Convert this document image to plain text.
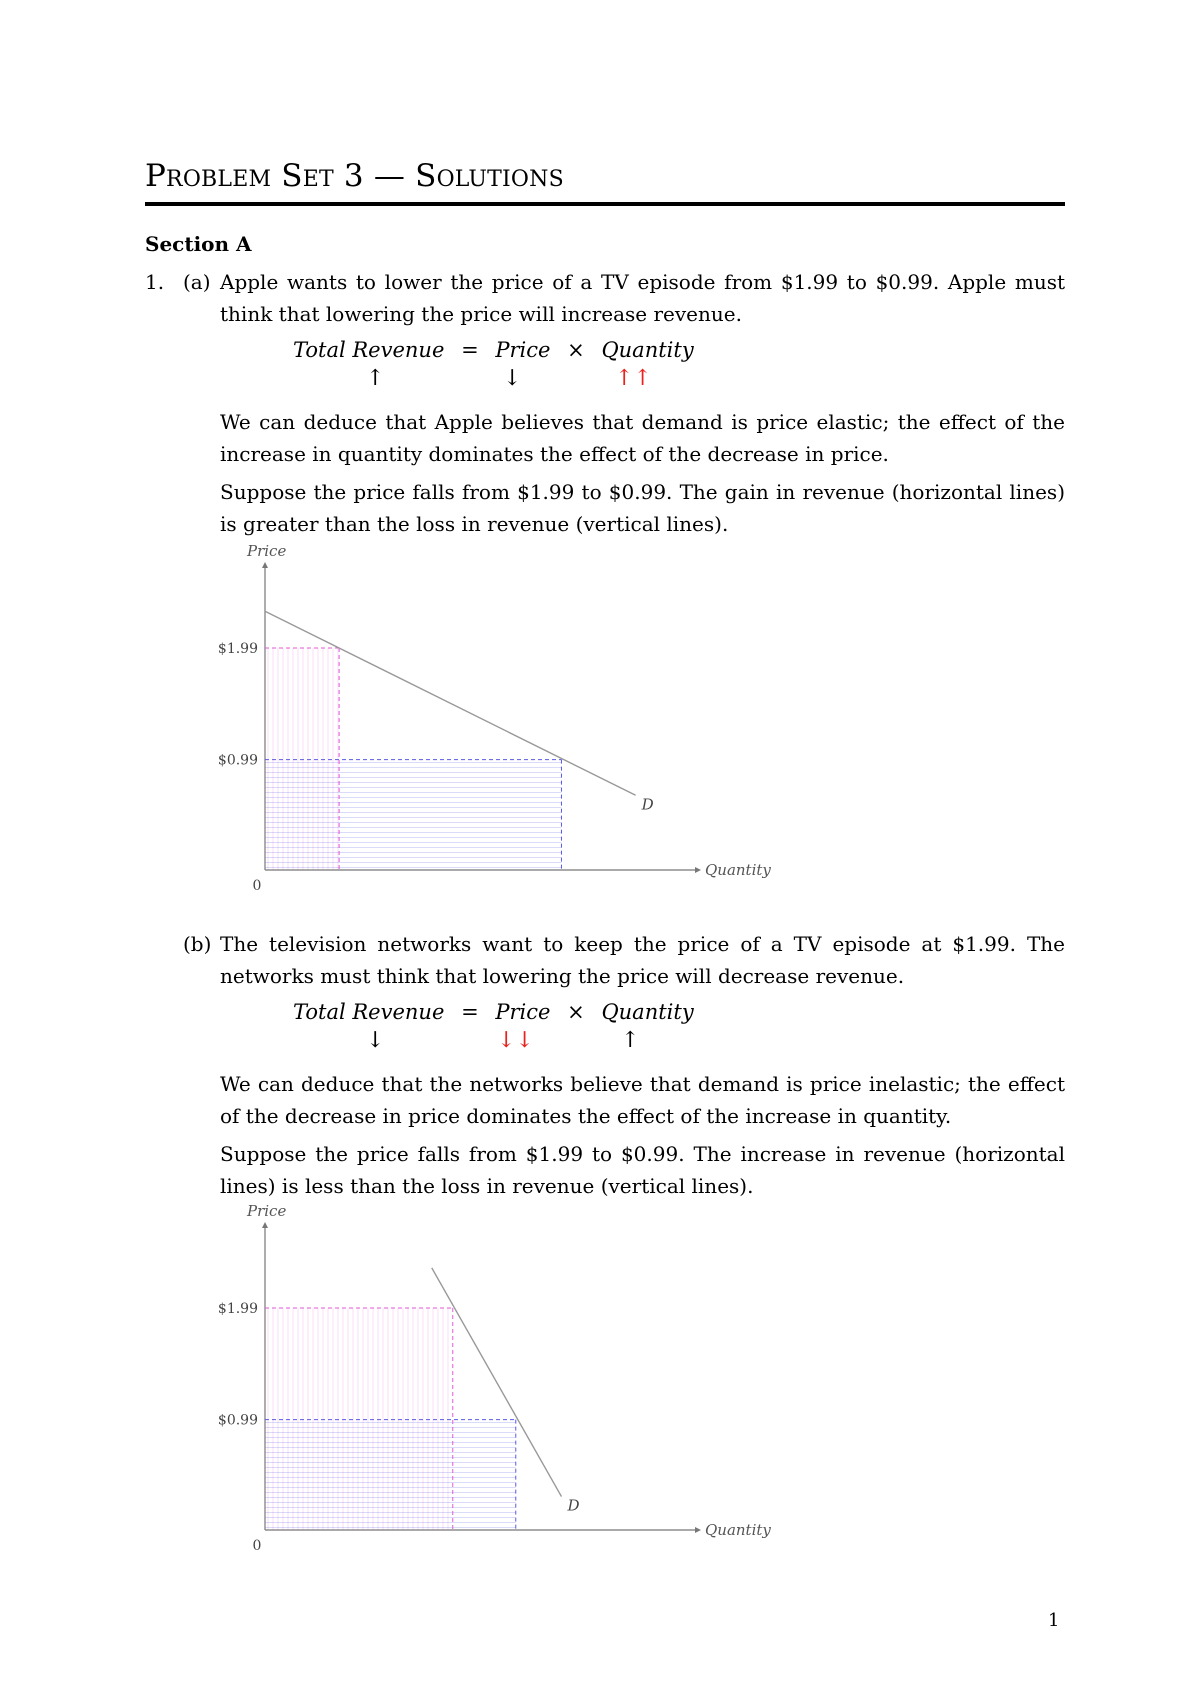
Problem Set 3 — Solutions
Section A
1. (a) Apple wants to lower the price of a TV episode from $1.99 to $0.99. Apple must think that lowering the price will increase revenue.
Total Revenue = Price × Quantity
↑	↓	↑↑
We can deduce that Apple believes that demand is price elastic; the effect of the increase in quantity dominates the effect of the decrease in price.
Suppose the price falls from $1.99 to $0.99. The gain in revenue (horizontal lines) is greater than the loss in revenue (vertical lines).
(b) The television networks want to keep the price of a TV episode at $1.99. The networks must think that lowering the price will decrease revenue.
Total Revenue = Price × Quantity
↓	↓↓	↑
We can deduce that the networks believe that demand is price inelastic; the effect of the decrease in price dominates the effect of the increase in quantity.
Suppose the price falls from $1.99 to $0.99. The increase in revenue (horizontal lines) is less than the loss in revenue (vertical lines).
D
$1.99
$0.99
0
Price
Quantity
D
$1.99
$0.99
0
Price
Quantity
1
